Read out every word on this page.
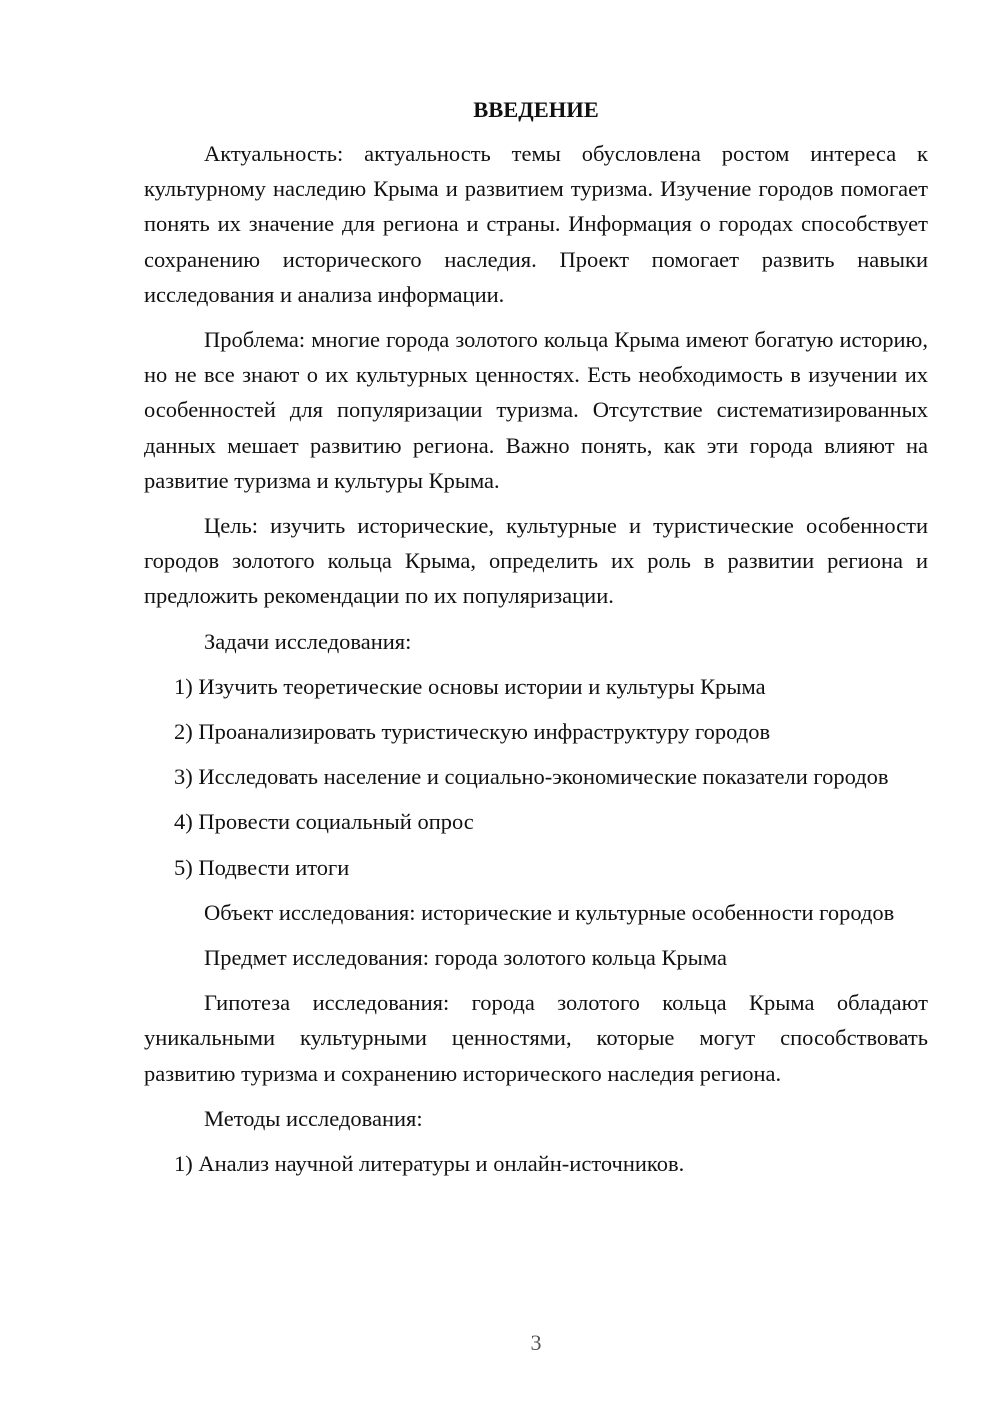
ВВЕДЕНИЕ

Актуальность: актуальность темы обусловлена ростом интереса к культурному наследию Крыма и развитием туризма. Изучение городов помогает понять их значение для региона и страны. Информация о городах способствует сохранению исторического наследия. Проект помогает развить навыки исследования и анализа информации.

Проблема: многие города золотого кольца Крыма имеют богатую историю, но не все знают о их культурных ценностях. Есть необходимость в изучении их особенностей для популяризации туризма. Отсутствие систематизированных данных мешает развитию региона. Важно понять, как эти города влияют на развитие туризма и культуры Крыма.

Цель: изучить исторические, культурные и туристические особенности городов золотого кольца Крыма, определить их роль в развитии региона и предложить рекомендации по их популяризации.

Задачи исследования:

1) Изучить теоретические основы истории и культуры Крыма

2) Проанализировать туристическую инфраструктуру городов

3) Исследовать население и социально-экономические показатели городов

4) Провести социальный опрос

5) Подвести итоги

Объект исследования: исторические и культурные особенности городов

Предмет исследования: города золотого кольца Крыма

Гипотеза исследования: города золотого кольца Крыма обладают уникальными культурными ценностями, которые могут способствовать развитию туризма и сохранению исторического наследия региона.

Методы исследования:

1) Анализ научной литературы и онлайн-источников.

3
